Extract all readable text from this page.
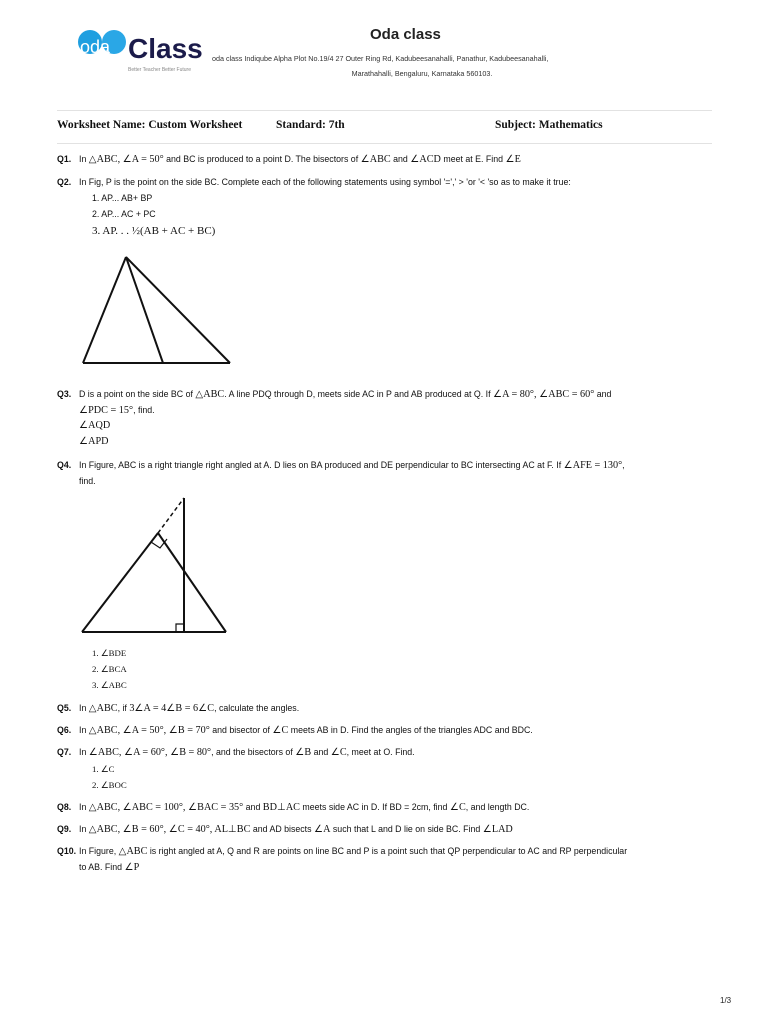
oda Class
Better Teacher Better Future
Oda class
oda class Indiqube Alpha Plot No.19/4 27 Outer Ring Rd, Kadubeesanahalli, Panathur, Kadubeesanahalli,
Marathahalli, Bengaluru, Karnataka 560103.
Worksheet Name: Custom Worksheet	Standard: 7th	Subject: Mathematics
Q1. In △ABC, ∠A = 50° and BC is produced to a point D. The bisectors of ∠ABC and ∠ACD meet at E. Find ∠E
Q2. In Fig, P is the point on the side BC. Complete each of the following statements using symbol '=',' > 'or '< 'so as to make it true:
1. AP... AB+ BP
2. AP... AC + PC
3. AP. . . ½(AB + AC + BC)
Q3. D is a point on the side BC of △ABC. A line PDQ through D, meets side AC in P and AB produced at Q. If ∠A = 80°, ∠ABC = 60° and
∠PDC = 15°, find.
∠AQD
∠APD
Q4. In Figure, ABC is a right triangle right angled at A. D lies on BA produced and DE perpendicular to BC intersecting AC at F. If ∠AFE = 130°,
find.
1. ∠BDE
2. ∠BCA
3. ∠ABC
Q5. In △ABC, if 3∠A = 4∠B = 6∠C, calculate the angles.
Q6. In △ABC, ∠A = 50°, ∠B = 70° and bisector of ∠C meets AB in D. Find the angles of the triangles ADC and BDC.
Q7. In ∠ABC, ∠A = 60°, ∠B = 80°, and the bisectors of ∠B and ∠C, meet at O. Find.
1. ∠C
2. ∠BOC
Q8. In △ABC, ∠ABC = 100°, ∠BAC = 35° and BD⊥AC meets side AC in D. If BD = 2cm, find ∠C, and length DC.
Q9. In △ABC, ∠B = 60°, ∠C = 40°, AL⊥BC and AD bisects ∠A such that L and D lie on side BC. Find ∠LAD
Q10. In Figure, △ABC is right angled at A, Q and R are points on line BC and P is a point such that QP perpendicular to AC and RP perpendicular
to AB. Find ∠P
1/3
